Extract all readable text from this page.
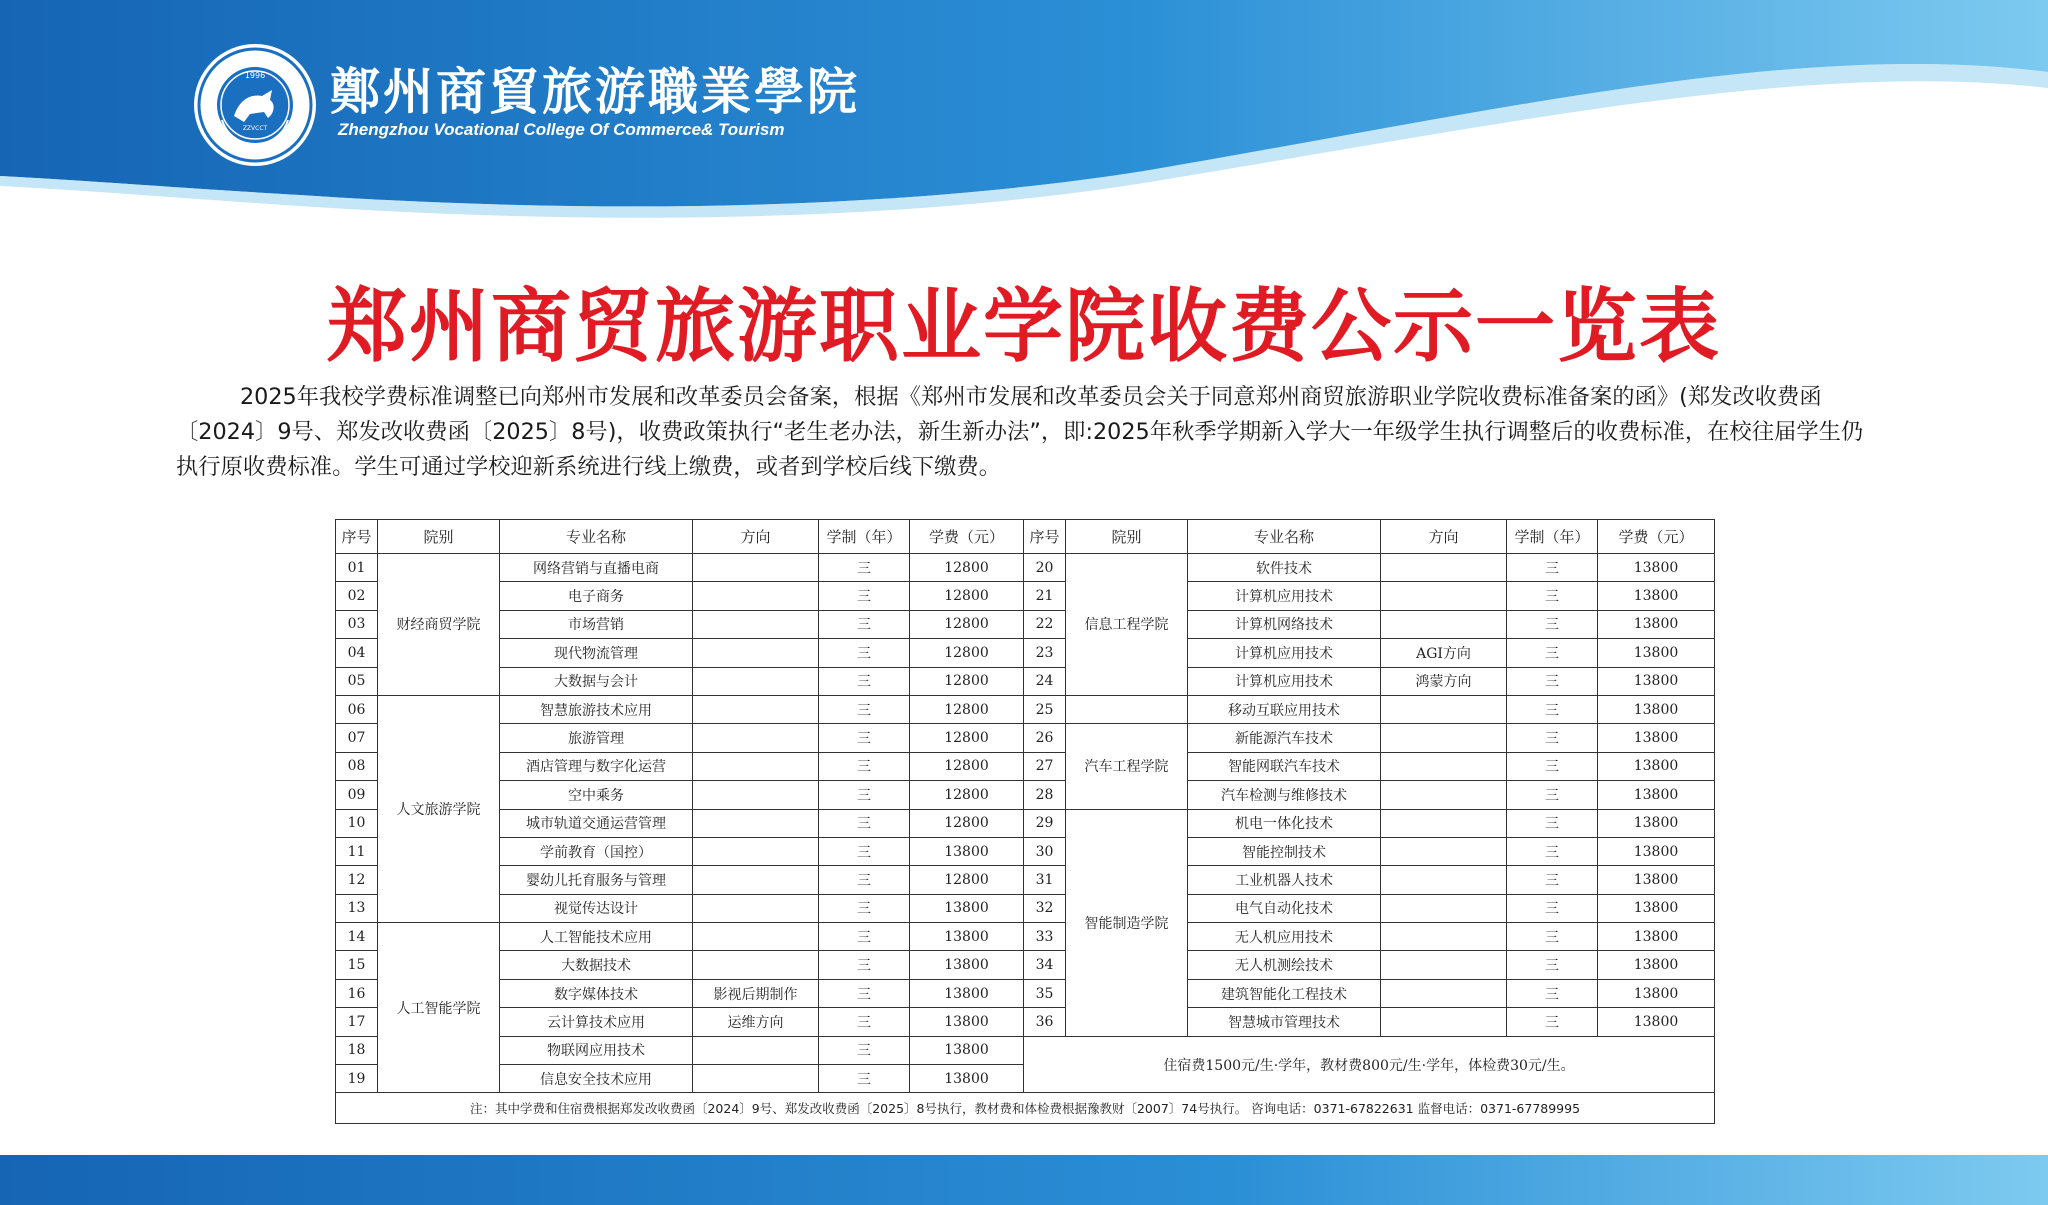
1996
ZZVCCT
鄭州商貿旅游職業學院
Zhengzhou Vocational College Of Commerce& Tourism
郑州商贸旅游职业学院收费公示一览表
2025年我校学费标准调整已向郑州市发展和改革委员会备案，根据《郑州市发展和改革委员会关于同意郑州商贸旅游职业学院收费标准备案的函》(郑发改收费函〔2024〕9号、郑发改收费函〔2025〕8号)，收费政策执行“老生老办法，新生新办法”，即:2025年秋季学期新入学大一年级学生执行调整后的收费标准，在校往届学生仍执行原收费标准。学生可通过学校迎新系统进行线上缴费，或者到学校后线下缴费。
序号	院别	专业名称	方向	学制（年）	学费（元）	序号	院别	专业名称	方向	学制（年）	学费（元）
01	财经商贸学院	网络营销与直播电商		三	12800	20	信息工程学院	软件技术		三	13800
02		电子商务		三	12800	21		计算机应用技术		三	13800
03		市场营销		三	12800	22		计算机网络技术		三	13800
04		现代物流管理		三	12800	23		计算机应用技术	AGI方向	三	13800
05		大数据与会计		三	12800	24		计算机应用技术	鸿蒙方向	三	13800
06	人文旅游学院	智慧旅游技术应用		三	12800	25		移动互联应用技术		三	13800
07		旅游管理		三	12800	26	汽车工程学院	新能源汽车技术		三	13800
08		酒店管理与数字化运营		三	12800	27		智能网联汽车技术		三	13800
09		空中乘务		三	12800	28		汽车检测与维修技术		三	13800
10		城市轨道交通运营管理		三	12800	29	智能制造学院	机电一体化技术		三	13800
11		学前教育（国控）		三	13800	30		智能控制技术		三	13800
12		婴幼儿托育服务与管理		三	12800	31		工业机器人技术		三	13800
13		视觉传达设计		三	13800	32		电气自动化技术		三	13800
14	人工智能学院	人工智能技术应用		三	13800	33		无人机应用技术		三	13800
15		大数据技术		三	13800	34		无人机测绘技术		三	13800
16		数字媒体技术	影视后期制作	三	13800	35		建筑智能化工程技术		三	13800
17		云计算技术应用	运维方向	三	13800	36		智慧城市管理技术		三	13800
18		物联网应用技术		三	13800	住宿费1500元/生·学年，教材费800元/生·学年，体检费30元/生。					
19		信息安全技术应用		三	13800						
注：其中学费和住宿费根据郑发改收费函〔2024〕9号、郑发改收费函〔2025〕8号执行，教材费和体检费根据豫教财〔2007〕74号执行。 咨询电话：0371-67822631 监督电话：0371-67789995											
